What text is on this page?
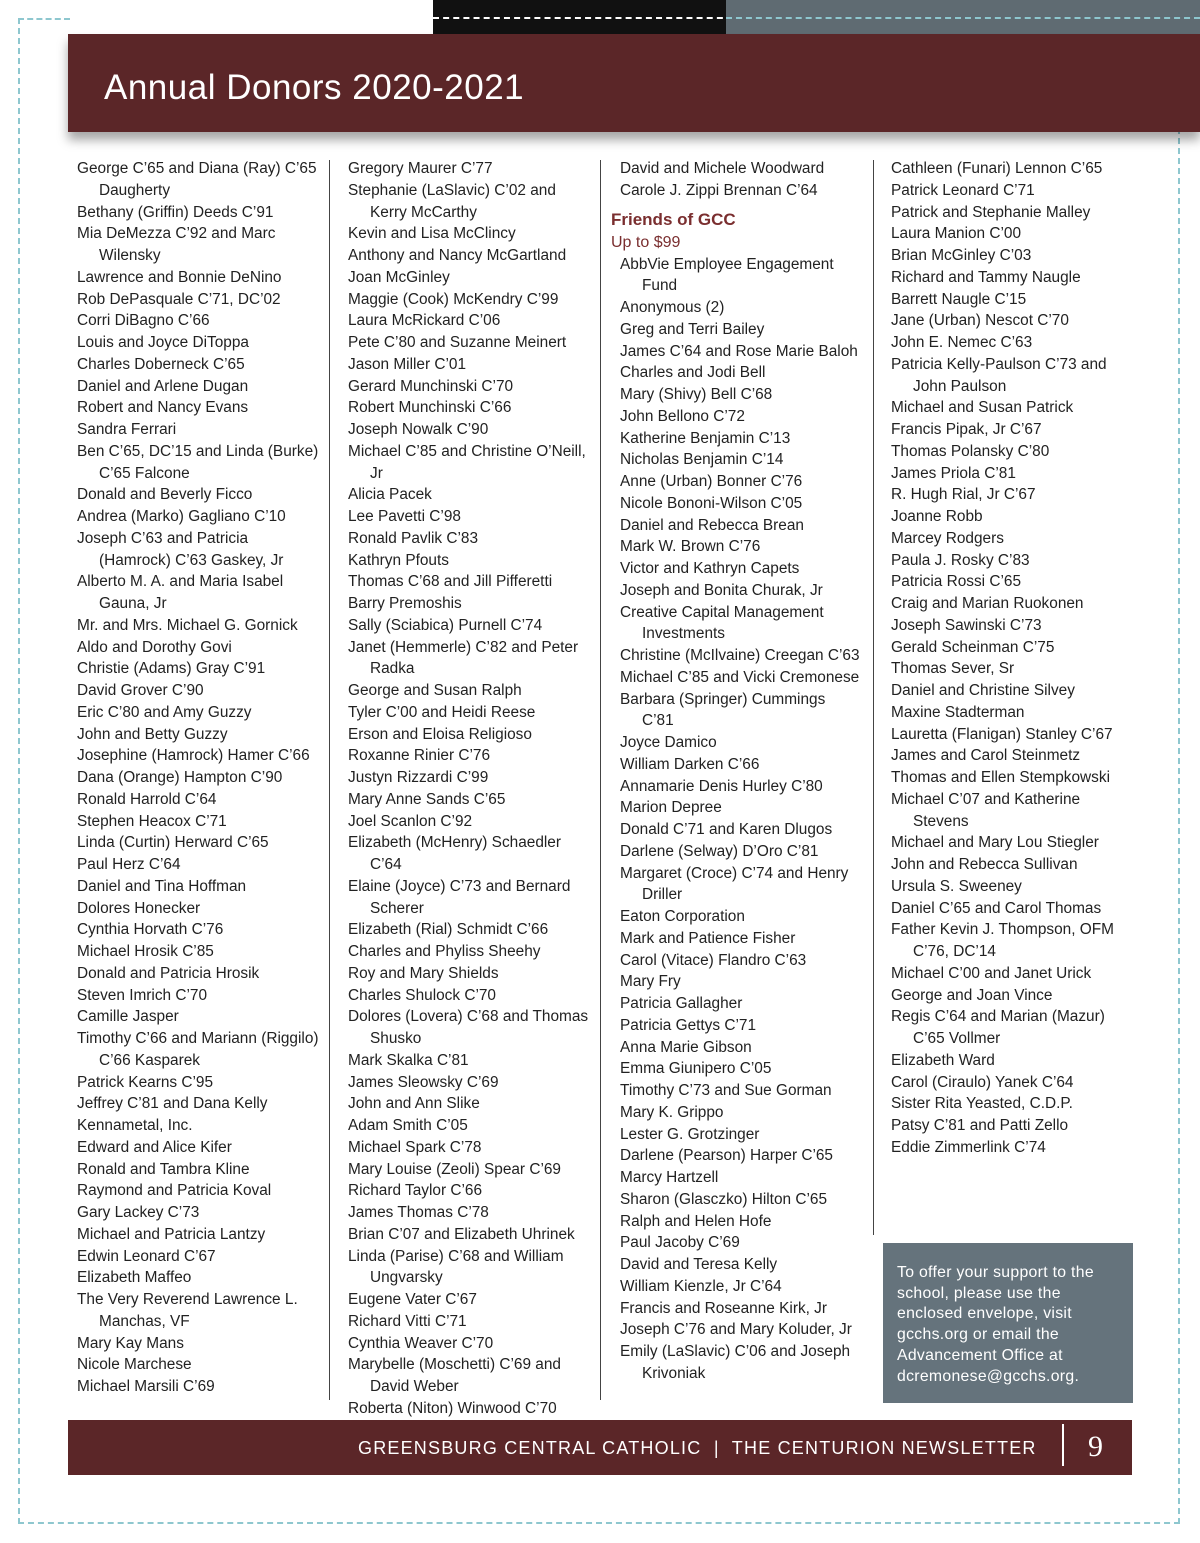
Annual Donors 2020-2021
George C’65 and Diana (Ray) C’65 Daugherty
Bethany (Griffin) Deeds C’91
Mia DeMezza C’92 and Marc Wilensky
Lawrence and Bonnie DeNino
Rob DePasquale C’71, DC’02
Corri DiBagno C’66
Louis and Joyce DiToppa
Charles Doberneck C’65
Daniel and Arlene Dugan
Robert and Nancy Evans
Sandra Ferrari
Ben C’65, DC’15 and Linda (Burke) C’65 Falcone
Donald and Beverly Ficco
Andrea (Marko) Gagliano C’10
Joseph C’63 and Patricia (Hamrock) C’63 Gaskey, Jr
Alberto M. A. and Maria Isabel Gauna, Jr
Mr. and Mrs. Michael G. Gornick
Aldo and Dorothy Govi
Christie (Adams) Gray C’91
David Grover C’90
Eric C’80 and Amy Guzzy
John and Betty Guzzy
Josephine (Hamrock) Hamer C’66
Dana (Orange) Hampton C’90
Ronald Harrold C’64
Stephen Heacox C’71
Linda (Curtin) Herward C’65
Paul Herz C’64
Daniel and Tina Hoffman
Dolores Honecker
Cynthia Horvath C’76
Michael Hrosik C’85
Donald and Patricia Hrosik
Steven Imrich C’70
Camille Jasper
Timothy C’66 and Mariann (Riggilo) C’66 Kasparek
Patrick Kearns C’95
Jeffrey C’81 and Dana Kelly
Kennametal, Inc.
Edward and Alice Kifer
Ronald and Tambra Kline
Raymond and Patricia Koval
Gary Lackey C’73
Michael and Patricia Lantzy
Edwin Leonard C’67
Elizabeth Maffeo
The Very Reverend Lawrence L. Manchas, VF
Mary Kay Mans
Nicole Marchese
Michael Marsili C’69
Gregory Maurer C’77
Stephanie (LaSlavic) C’02 and Kerry McCarthy
Kevin and Lisa McClincy
Anthony and Nancy McGartland
Joan McGinley
Maggie (Cook) McKendry C’99
Laura McRickard C’06
Pete C’80 and Suzanne Meinert
Jason Miller C’01
Gerard Munchinski C’70
Robert Munchinski C’66
Joseph Nowalk C’90
Michael C’85 and Christine O’Neill, Jr
Alicia Pacek
Lee Pavetti C’98
Ronald Pavlik C’83
Kathryn Pfouts
Thomas C’68 and Jill Pifferetti
Barry Premoshis
Sally (Sciabica) Purnell C’74
Janet (Hemmerle) C’82 and Peter Radka
George and Susan Ralph
Tyler C’00 and Heidi Reese
Erson and Eloisa Religioso
Roxanne Rinier C’76
Justyn Rizzardi C’99
Mary Anne Sands C’65
Joel Scanlon C’92
Elizabeth (McHenry) Schaedler C’64
Elaine (Joyce) C’73 and Bernard Scherer
Elizabeth (Rial) Schmidt C’66
Charles and Phyliss Sheehy
Roy and Mary Shields
Charles Shulock C’70
Dolores (Lovera) C’68 and Thomas Shusko
Mark Skalka C’81
James Sleowsky C’69
John and Ann Slike
Adam Smith C’05
Michael Spark C’78
Mary Louise (Zeoli) Spear C’69
Richard Taylor C’66
James Thomas C’78
Brian C’07 and Elizabeth Uhrinek
Linda (Parise) C’68 and William Ungvarsky
Eugene Vater C’67
Richard Vitti C’71
Cynthia Weaver C’70
Marybelle (Moschetti) C’69 and David Weber
Roberta (Niton) Winwood C’70
David and Michele Woodward
Carole J. Zippi Brennan C’64
Friends of GCC
Up to $99
AbbVie Employee Engagement Fund
Anonymous (2)
Greg and Terri Bailey
James C’64 and Rose Marie Baloh
Charles and Jodi Bell
Mary (Shivy) Bell C’68
John Bellono C’72
Katherine Benjamin C’13
Nicholas Benjamin C’14
Anne (Urban) Bonner C’76
Nicole Bononi-Wilson C’05
Daniel and Rebecca Brean
Mark W. Brown C’76
Victor and Kathryn Capets
Joseph and Bonita Churak, Jr
Creative Capital Management Investments
Christine (McIlvaine) Creegan C’63
Michael C’85 and Vicki Cremonese
Barbara (Springer) Cummings C’81
Joyce Damico
William Darken C’66
Annamarie Denis Hurley C’80
Marion Depree
Donald C’71 and Karen Dlugos
Darlene (Selway) D’Oro C’81
Margaret (Croce) C’74 and Henry Driller
Eaton Corporation
Mark and Patience Fisher
Carol (Vitace) Flandro C’63
Mary Fry
Patricia Gallagher
Patricia Gettys C’71
Anna Marie Gibson
Emma Giunipero C’05
Timothy C’73 and Sue Gorman
Mary K. Grippo
Lester G. Grotzinger
Darlene (Pearson) Harper C’65
Marcy Hartzell
Sharon (Glasczko) Hilton C’65
Ralph and Helen Hofe
Paul Jacoby C’69
David and Teresa Kelly
William Kienzle, Jr C’64
Francis and Roseanne Kirk, Jr
Joseph C’76 and Mary Koluder, Jr
Emily (LaSlavic) C’06 and Joseph Krivoniak
Cathleen (Funari) Lennon C’65
Patrick Leonard C’71
Patrick and Stephanie Malley
Laura Manion C’00
Brian McGinley C’03
Richard and Tammy Naugle
Barrett Naugle C’15
Jane (Urban) Nescot C’70
John E. Nemec C’63
Patricia Kelly-Paulson C’73 and John Paulson
Michael and Susan Patrick
Francis Pipak, Jr C’67
Thomas Polansky C’80
James Priola C’81
R. Hugh Rial, Jr C’67
Joanne Robb
Marcey Rodgers
Paula J. Rosky C’83
Patricia Rossi C’65
Craig and Marian Ruokonen
Joseph Sawinski C’73
Gerald Scheinman C’75
Thomas Sever, Sr
Daniel and Christine Silvey
Maxine Stadterman
Lauretta (Flanigan) Stanley C’67
James and Carol Steinmetz
Thomas and Ellen Stempkowski
Michael C’07 and Katherine Stevens
Michael and Mary Lou Stiegler
John and Rebecca Sullivan
Ursula S. Sweeney
Daniel C’65 and Carol Thomas
Father Kevin J. Thompson, OFM C’76, DC’14
Michael C’00 and Janet Urick
George and Joan Vince
Regis C’64 and Marian (Mazur) C’65 Vollmer
Elizabeth Ward
Carol (Ciraulo) Yanek C’64
Sister Rita Yeasted, C.D.P.
Patsy C’81 and Patti Zello
Eddie Zimmerlink C’74
To offer your support to the school, please use the enclosed envelope, visit gcchs.org or email the Advancement Office at dcremonese@gcchs.org.
GREENSBURG CENTRAL CATHOLIC  |  THE CENTURION NEWSLETTER 9
